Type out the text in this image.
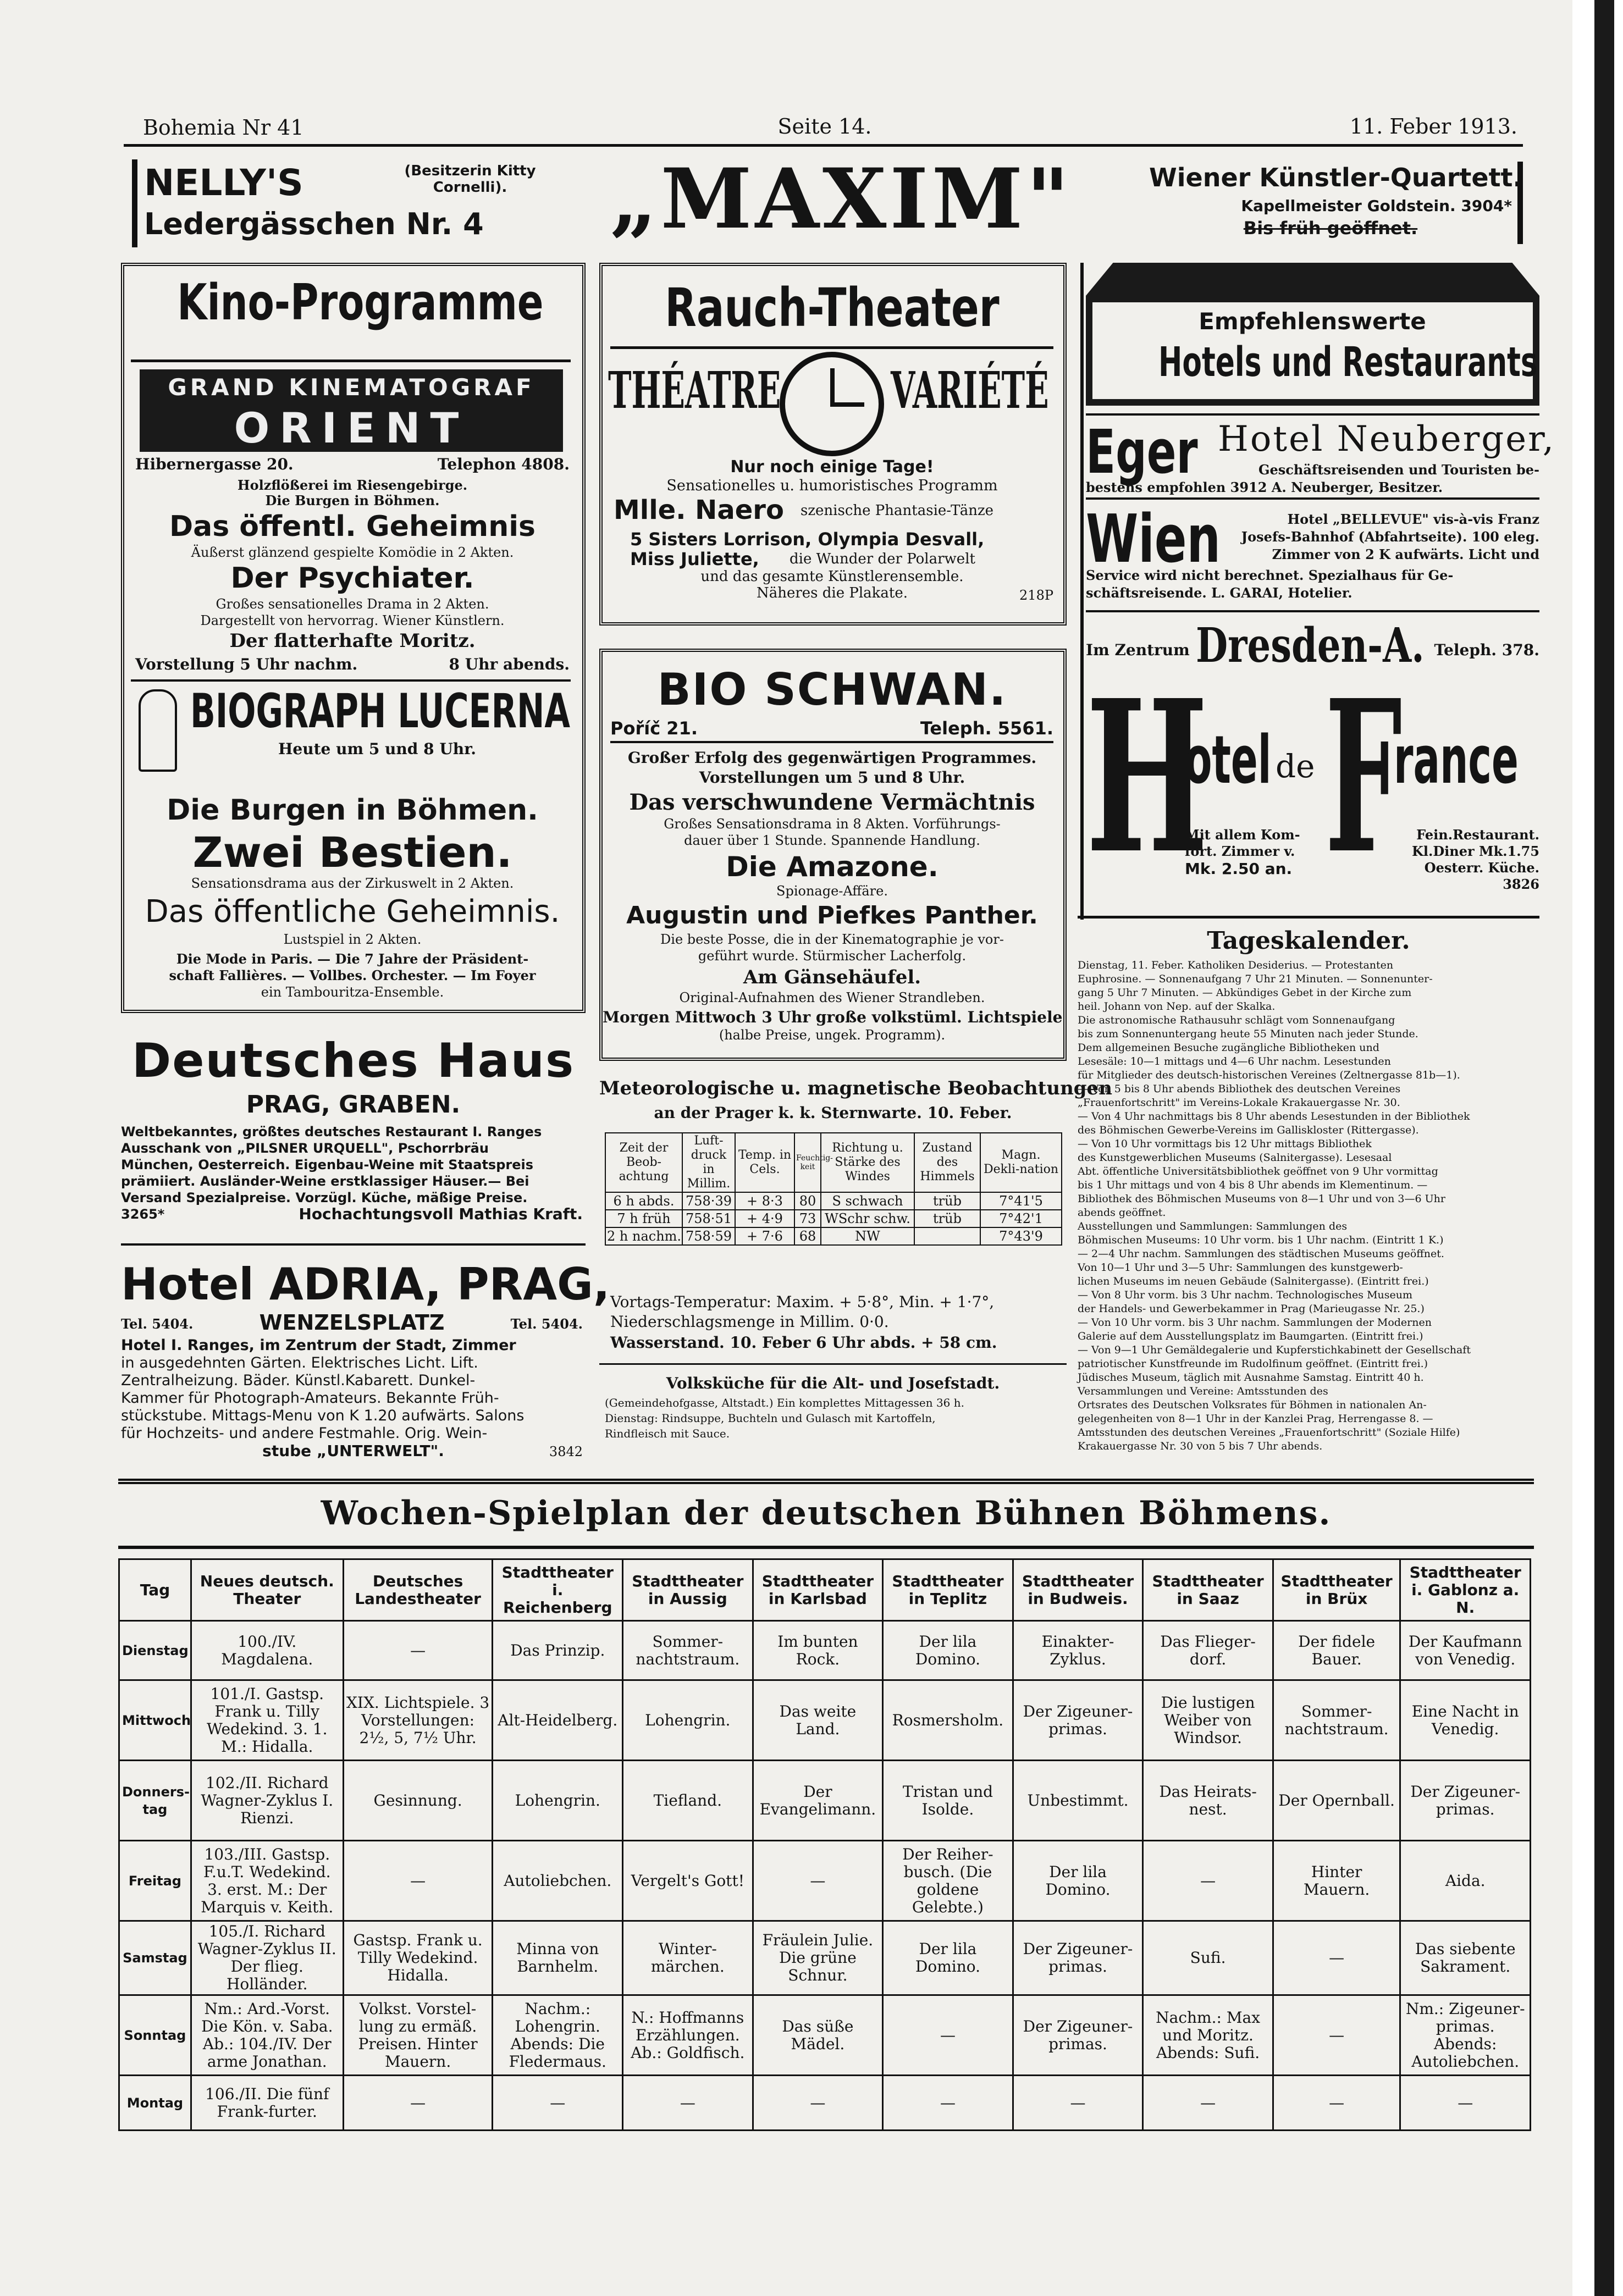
Bohemia Nr 41	Seite 14.	11. Feber 1913.
NELLY'S	(Besitzerin Kitty Cornelli).
Ledergässchen Nr. 4	„MAXIM"	Wiener Künstler-Quartett.
Kapellmeister Goldstein. 3904*
Bis früh geöffnet.
Kino-Programme
GRAND KINEMATOGRAF
ORIENT
Hibernergasse 20.	Telephon 4808.
Holzflößerei im Riesengebirge.
Die Burgen in Böhmen.
Das öffentl. Geheimnis
Äußerst glänzend gespielte Komödie in 2 Akten.
Der Psychiater.
Großes sensationelles Drama in 2 Akten.
Dargestellt von hervorrag. Wiener Künstlern.
Der flatterhafte Moritz.
Vorstellung 5 Uhr nachm.	8 Uhr abends.
BIOGRAPH LUCERNA
Heute um 5 und 8 Uhr.
Die Burgen in Böhmen.
Zwei Bestien.
Sensationsdrama aus der Zirkuswelt in 2 Akten.
Das öffentliche Geheimnis.
Lustspiel in 2 Akten.
Die Mode in Paris. — Die 7 Jahre der Präsident-
schaft Fallières. — Vollbes. Orchester. — Im Foyer
ein Tambouritza-Ensemble.
Deutsches Haus
PRAG, GRABEN.
Weltbekanntes, größtes deutsches Restaurant I. Ranges
Ausschank von „PILSNER URQUELL", Pschorrbräu
München, Oesterreich. Eigenbau-Weine mit Staatspreis
prämiiert. Ausländer-Weine erstklassiger Häuser.— Bei
Versand Spezialpreise. Vorzügl. Küche, mäßige Preise.
3265*	Hochachtungsvoll Mathias Kraft.
Hotel ADRIA, PRAG,
Tel. 5404.	WENZELSPLATZ	Tel. 5404.
Hotel I. Ranges, im Zentrum der Stadt, Zimmer
in ausgedehnten Gärten. Elektrisches Licht. Lift.
Zentralheizung. Bäder. Künstl.Kabarett. Dunkel-
Kammer für Photograph-Amateurs. Bekannte Früh-
stückstube. Mittags-Menu von K 1.20 aufwärts. Salons
für Hochzeits- und andere Festmahle. Orig. Wein-
stube „UNTERWELT".	3842
Rauch-Theater
THÉATRE VARIÉTÉ
Nur noch einige Tage!
Sensationelles u. humoristisches Programm
Mlle. Naero szenische Phantasie-Tänze
5 Sisters Lorrison, Olympia Desvall,
Miss Juliette, die Wunder der Polarwelt
und das gesamte Künstlerensemble.
Näheres die Plakate.	218P
BIO SCHWAN.
Poříč 21.	Teleph. 5561.
Großer Erfolg des gegenwärtigen Programmes.
Vorstellungen um 5 und 8 Uhr.
Das verschwundene Vermächtnis
Großes Sensationsdrama in 8 Akten. Vorführungs-
dauer über 1 Stunde. Spannende Handlung.
Die Amazone.
Spionage-Affäre.
Augustin und Piefkes Panther.
Die beste Posse, die in der Kinematographie je vor-
geführt wurde. Stürmischer Lacherfolg.
Am Gänsehäufel.
Original-Aufnahmen des Wiener Strandleben.
Morgen Mittwoch 3 Uhr große volkstüml. Lichtspiele
(halbe Preise, ungek. Programm).
Meteorologische u. magnetische Beobachtungen
an der Prager k. k. Sternwarte. 10. Feber.
Zeit der Beob-achtung	Luft-druck in Millim.	Temp. in Cels.	Feuchtig-keit	Richtung u. Stärke des Windes	Zustand des Himmels	Magn. Dekli-nation
6 h abds.	758·39	+ 8·3	80	S schwach	trüb	7°41'5
7 h früh	758·51	+ 4·9	73	WSchr schw.	trüb	7°42'1
2 h nachm.	758·59	+ 7·6	68	NW		7°43'9
Vortags-Temperatur: Maxim. + 5·8°, Min. + 1·7°,
Niederschlagsmenge in Millim. 0·0.
Wasserstand. 10. Feber 6 Uhr abds. + 58 cm.
Volksküche für die Alt- und Josefstadt.
(Gemeindehofgasse, Altstadt.) Ein komplettes Mittagessen 36 h.
Dienstag: Rindsuppe, Buchteln und Gulasch mit Kartoffeln,
Rindfleisch mit Sauce.
Empfehlenswerte
Hotels und Restaurants
Eger Hotel Neuberger,
Geschäftsreisenden und Touristen be-
bestens empfohlen 3912 A. Neuberger, Besitzer.
Wien	Hotel „BELLEVUE" vis-à-vis Franz
Josefs-Bahnhof (Abfahrtseite). 100 eleg.
Zimmer von 2 K aufwärts. Licht und
Service wird nicht berechnet. Spezialhaus für Ge-
schäftsreisende. L. GARAI, Hotelier.
Im Zentrum Dresden-A. Teleph. 378.
H
otel de F
rance
Mit allem Kom-
fort. Zimmer v.
Mk. 2.50 an.
Fein.Restaurant.
Kl.Diner Mk.1.75
Oesterr. Küche.
3826
Tageskalender.
Dienstag, 11. Feber. Katholiken Desiderius. — Protestanten
Euphrosine. — Sonnenaufgang 7 Uhr 21 Minuten. — Sonnenunter-
gang 5 Uhr 7 Minuten. — Abkündiges Gebet in der Kirche zum
heil. Johann von Nep. auf der Skalka.
Die astronomische Rathausuhr schlägt vom Sonnenaufgang
bis zum Sonnenuntergang heute 55 Minuten nach jeder Stunde.
Dem allgemeinen Besuche zugängliche Bibliotheken und
Lesesäle: 10—1 mittags und 4—6 Uhr nachm. Lesestunden
für Mitglieder des deutsch-historischen Vereines (Zeltnergasse 81b—1).
— Von 5 bis 8 Uhr abends Bibliothek des deutschen Vereines
„Frauenfortschritt" im Vereins-Lokale Krakauergasse Nr. 30.
— Von 4 Uhr nachmittags bis 8 Uhr abends Lesestunden in der Bibliothek
des Böhmischen Gewerbe-Vereins im Galliskloster (Rittergasse).
— Von 10 Uhr vormittags bis 12 Uhr mittags Bibliothek
des Kunstgewerblichen Museums (Salnitergasse). Lesesaal
Abt. öffentliche Universitätsbibliothek geöffnet von 9 Uhr vormittag
bis 1 Uhr mittags und von 4 bis 8 Uhr abends im Klementinum. —
Bibliothek des Böhmischen Museums von 8—1 Uhr und von 3—6 Uhr
abends geöffnet.
Ausstellungen und Sammlungen: Sammlungen des
Böhmischen Museums: 10 Uhr vorm. bis 1 Uhr nachm. (Eintritt 1 K.)
— 2—4 Uhr nachm. Sammlungen des städtischen Museums geöffnet.
Von 10—1 Uhr und 3—5 Uhr: Sammlungen des kunstgewerb-
lichen Museums im neuen Gebäude (Salnitergasse). (Eintritt frei.)
— Von 8 Uhr vorm. bis 3 Uhr nachm. Technologisches Museum
der Handels- und Gewerbekammer in Prag (Marieugasse Nr. 25.)
— Von 10 Uhr vorm. bis 3 Uhr nachm. Sammlungen der Modernen
Galerie auf dem Ausstellungsplatz im Baumgarten. (Eintritt frei.)
— Von 9—1 Uhr Gemäldegalerie und Kupferstichkabinett der Gesellschaft
patriotischer Kunstfreunde im Rudolfinum geöffnet. (Eintritt frei.)
Jüdisches Museum, täglich mit Ausnahme Samstag. Eintritt 40 h.
Versammlungen und Vereine: Amtsstunden des
Ortsrates des Deutschen Volksrates für Böhmen in nationalen An-
gelegenheiten von 8—1 Uhr in der Kanzlei Prag, Herrengasse 8. —
Amtsstunden des deutschen Vereines „Frauenfortschritt" (Soziale Hilfe)
Krakauergasse Nr. 30 von 5 bis 7 Uhr abends.
Wochen-Spielplan der deutschen Bühnen Böhmens.
Tag	Neues deutsch. Theater	Deutsches Landestheater	Stadttheater i. Reichenberg	Stadttheater in Aussig	Stadttheater in Karlsbad	Stadttheater in Teplitz	Stadttheater in Budweis.	Stadttheater in Saaz	Stadttheater in Brüx	Stadttheater i. Gablonz a. N.
Dienstag	100./IV. Magdalena.	—	Das Prinzip.	Sommer-nachtstraum.	Im bunten Rock.	Der lila Domino.	Einakter-Zyklus.	Das Flieger-dorf.	Der fidele Bauer.	Der Kaufmann von Venedig.
Mittwoch	101./I. Gastsp. Frank u. Tilly Wedekind. 3. 1. M.: Hidalla.	XIX. Lichtspiele. 3 Vorstellungen: 2½, 5, 7½ Uhr.	Alt-Heidelberg.	Lohengrin.	Das weite Land.	Rosmersholm.	Der Zigeuner-primas.	Die lustigen Weiber von Windsor.	Sommer-nachtstraum.	Eine Nacht in Venedig.
Donners-tag	102./II. Richard Wagner-Zyklus I. Rienzi.	Gesinnung.	Lohengrin.	Tiefland.	Der Evangelimann.	Tristan und Isolde.	Unbestimmt.	Das Heirats-nest.	Der Opernball.	Der Zigeuner-primas.
Freitag	103./III. Gastsp. F.u.T. Wedekind. 3. erst. M.: Der Marquis v. Keith.	—	Autoliebchen.	Vergelt's Gott!	—	Der Reiher-busch. (Die goldene Gelebte.)	Der lila Domino.	—	Hinter Mauern.	Aida.
Samstag	105./I. Richard Wagner-Zyklus II. Der flieg. Holländer.	Gastsp. Frank u. Tilly Wedekind. Hidalla.	Minna von Barnhelm.	Winter-märchen.	Fräulein Julie. Die grüne Schnur.	Der lila Domino.	Der Zigeuner-primas.	Sufi.	—	Das siebente Sakrament.
Sonntag	Nm.: Ard.-Vorst. Die Kön. v. Saba. Ab.: 104./IV. Der arme Jonathan.	Volkst. Vorstel-lung zu ermäß. Preisen. Hinter Mauern.	Nachm.: Lohengrin. Abends: Die Fledermaus.	N.: Hoffmanns Erzählungen. Ab.: Goldfisch.	Das süße Mädel.	—	Der Zigeuner-primas.	Nachm.: Max und Moritz. Abends: Sufi.	—	Nm.: Zigeuner-primas. Abends: Autoliebchen.
Montag	106./II. Die fünf Frank-furter.	—	—	—	—	—	—	—	—	—
